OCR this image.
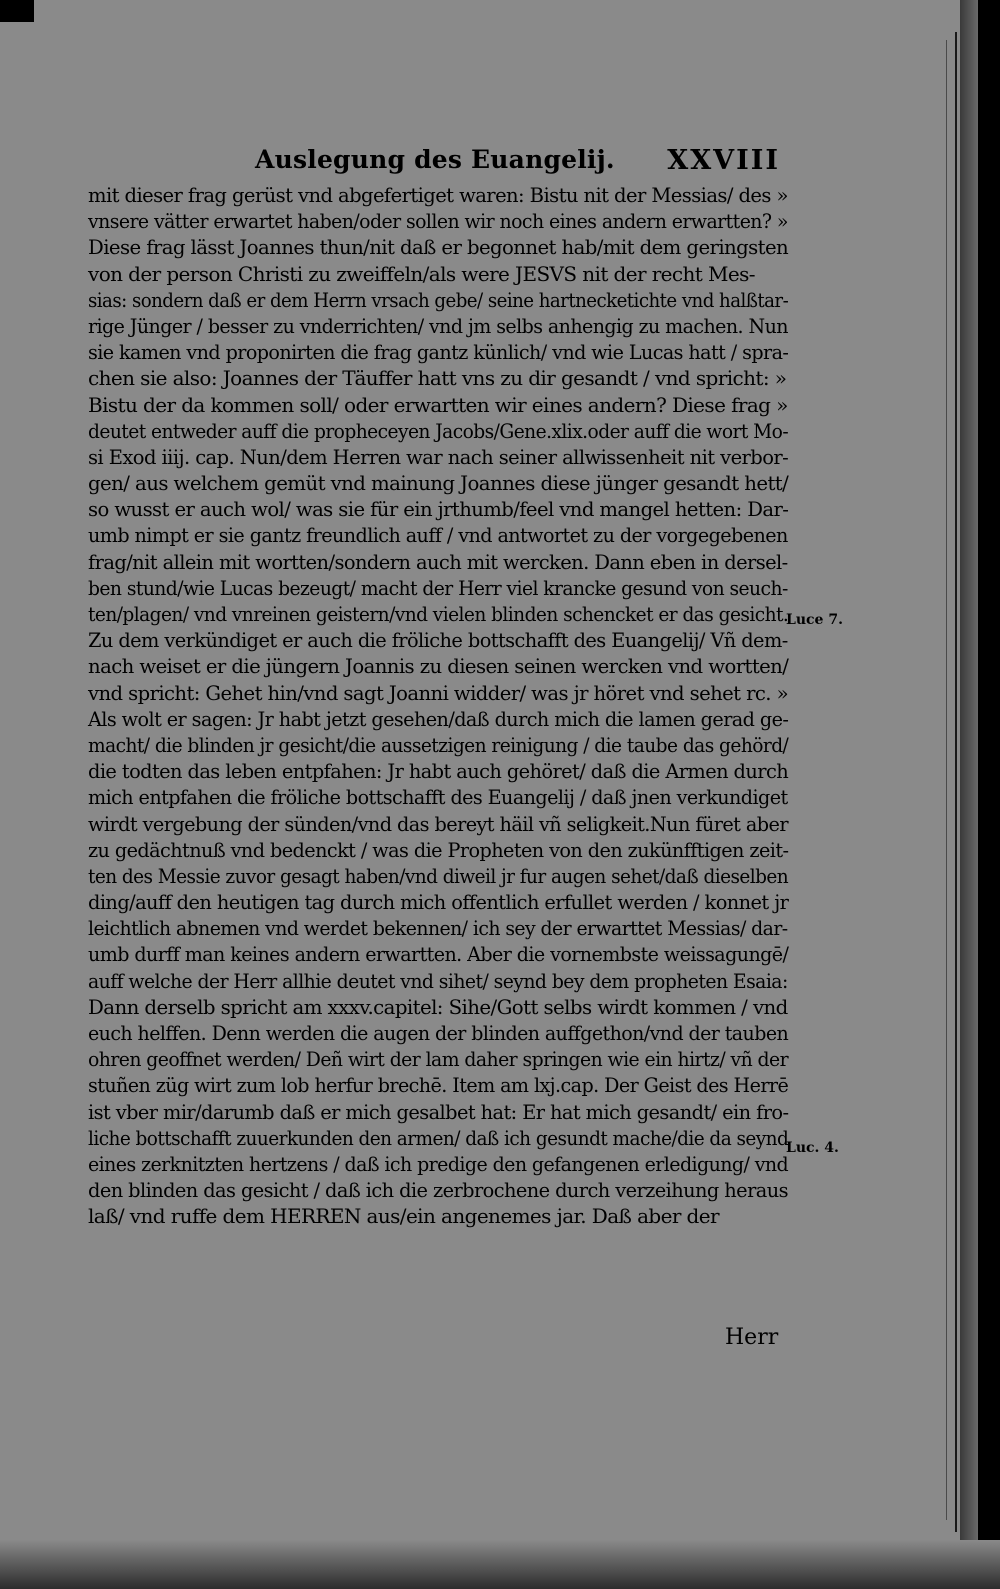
Auslegung des Euangelij. XXVIII
mit dieser frag gerüst vnd abgefertiget waren: Bistu nit der Messias/ des »
vnsere vätter erwartet haben/oder sollen wir noch eines andern erwartten? »
Diese frag lässt Joannes thun/nit daß er begonnet hab/mit dem geringsten
von der person Christi zu zweiffeln/als were JESVS nit der recht Mes-
sias: sondern daß er dem Herrn vrsach gebe/ seine hartnecketichte vnd halßtar-
rige Jünger / besser zu vnderrichten/ vnd jm selbs anhengig zu machen. Nun
sie kamen vnd proponirten die frag gantz künlich/ vnd wie Lucas hatt / spra-
chen sie also: Joannes der Täuffer hatt vns zu dir gesandt / vnd spricht: »
Bistu der da kommen soll/ oder erwartten wir eines andern? Diese frag »
deutet entweder auff die propheceyen Jacobs/Gene.xlix.oder auff die wort Mo-
si Exod iiij. cap. Nun/dem Herren war nach seiner allwissenheit nit verbor-
gen/ aus welchem gemüt vnd mainung Joannes diese jünger gesandt hett/
so wusst er auch wol/ was sie für ein jrthumb/feel vnd mangel hetten: Dar-
umb nimpt er sie gantz freundlich auff / vnd antwortet zu der vorgegebenen
frag/nit allein mit wortten/sondern auch mit wercken. Dann eben in dersel-
ben stund/wie Lucas bezeugt/ macht der Herr viel krancke gesund von seuch-
ten/plagen/ vnd vnreinen geistern/vnd vielen blinden schencket er das gesicht.
Zu dem verkündiget er auch die fröliche bottschafft des Euangelij/ Vñ dem-
nach weiset er die jüngern Joannis zu diesen seinen wercken vnd wortten/
vnd spricht: Gehet hin/vnd sagt Joanni widder/ was jr höret vnd sehet rc. »
Als wolt er sagen: Jr habt jetzt gesehen/daß durch mich die lamen gerad ge-
macht/ die blinden jr gesicht/die aussetzigen reinigung / die taube das gehörd/
die todten das leben entpfahen: Jr habt auch gehöret/ daß die Armen durch
mich entpfahen die fröliche bottschafft des Euangelij / daß jnen verkundiget
wirdt vergebung der sünden/vnd das bereyt häil vñ seligkeit.Nun füret aber
zu gedächtnuß vnd bedenckt / was die Propheten von den zukünfftigen zeit-
ten des Messie zuvor gesagt haben/vnd diweil jr fur augen sehet/daß dieselben
ding/auff den heutigen tag durch mich offentlich erfullet werden / konnet jr
leichtlich abnemen vnd werdet bekennen/ ich sey der erwarttet Messias/ dar-
umb durff man keines andern erwartten. Aber die vornembste weissagungē/
auff welche der Herr allhie deutet vnd sihet/ seynd bey dem propheten Esaia:
Dann derselb spricht am xxxv.capitel: Sihe/Gott selbs wirdt kommen / vnd
euch helffen. Denn werden die augen der blinden auffgethon/vnd der tauben
ohren geoffnet werden/ Deñ wirt der lam daher springen wie ein hirtz/ vñ der
stuñen züg wirt zum lob herfur brechē. Item am lxj.cap. Der Geist des Herrē
ist vber mir/darumb daß er mich gesalbet hat: Er hat mich gesandt/ ein fro-
liche bottschafft zuuerkunden den armen/ daß ich gesundt mache/die da seynd
eines zerknitzten hertzens / daß ich predige den gefangenen erledigung/ vnd
den blinden das gesicht / daß ich die zerbrochene durch verzeihung heraus
laß/ vnd ruffe dem HERREN aus/ein angenemes jar. Daß aber der
Luce 7.
Luc. 4.
Herr
